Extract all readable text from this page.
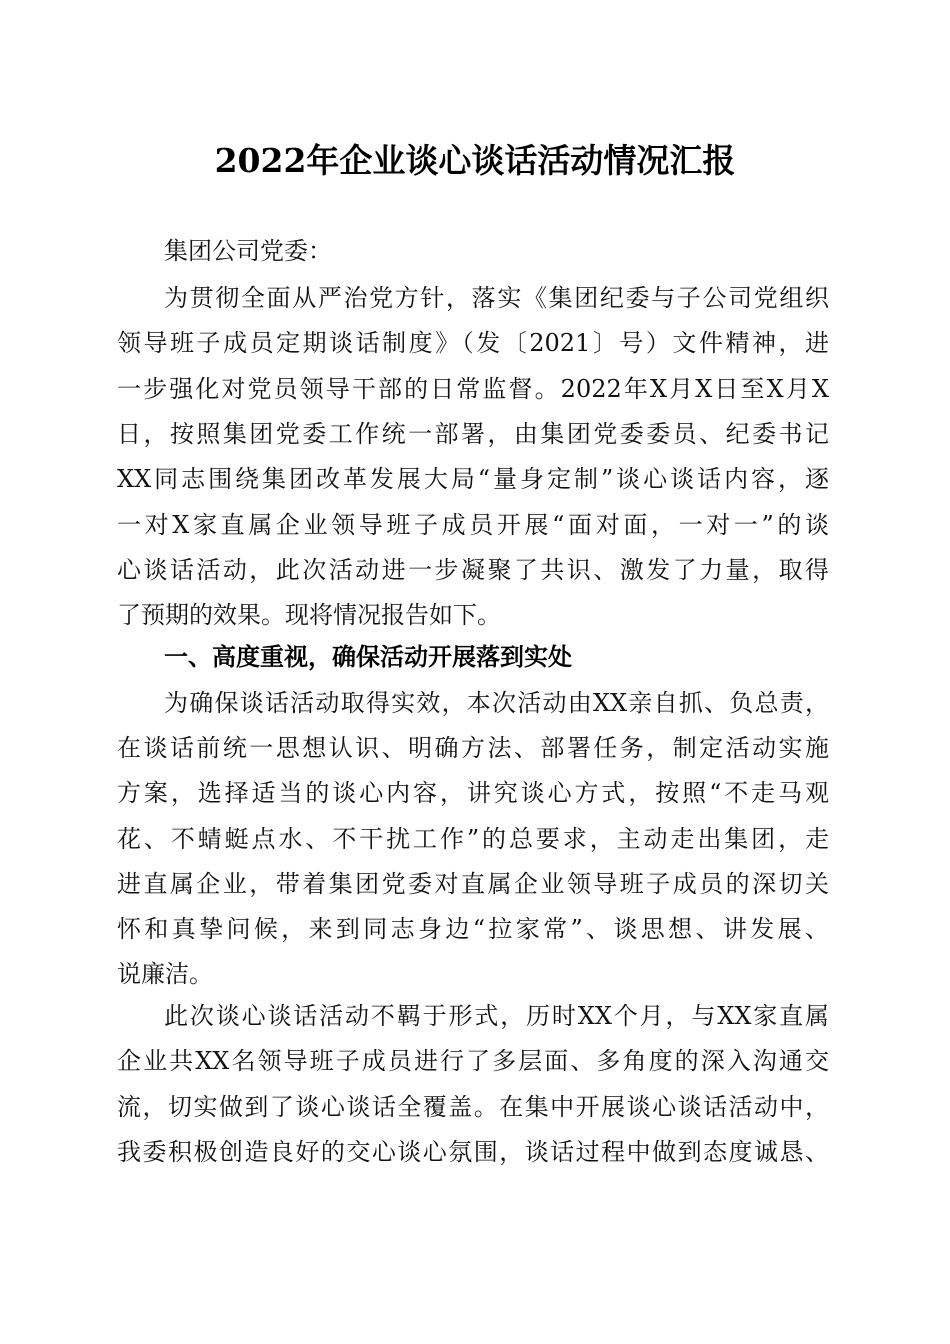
2022年企业谈心谈话活动情况汇报
集团公司党委：
为贯彻全面从严治党方针，落实《集团纪委与子公司党组织
领导班子成员定期谈话制度》（发〔2021〕号）文件精神，进
一步强化对党员领导干部的日常监督。2022年X月X日至X月X
日，按照集团党委工作统一部署，由集团党委委员、纪委书记
XX同志围绕集团改革发展大局“量身定制”谈心谈话内容，逐
一对X家直属企业领导班子成员开展“面对面，一对一”的谈
心谈话活动，此次活动进一步凝聚了共识、激发了力量，取得
了预期的效果。现将情况报告如下。
一、高度重视，确保活动开展落到实处
为确保谈话活动取得实效，本次活动由XX亲自抓、负总责，
在谈话前统一思想认识、明确方法、部署任务，制定活动实施
方案，选择适当的谈心内容，讲究谈心方式，按照“不走马观
花、不蜻蜓点水、不干扰工作”的总要求，主动走出集团，走
进直属企业，带着集团党委对直属企业领导班子成员的深切关
怀和真挚问候，来到同志身边“拉家常”、谈思想、讲发展、
说廉洁。
此次谈心谈话活动不羁于形式，历时XX个月，与XX家直属
企业共XX名领导班子成员进行了多层面、多角度的深入沟通交
流，切实做到了谈心谈话全覆盖。在集中开展谈心谈话活动中，
我委积极创造良好的交心谈心氛围，谈话过程中做到态度诚恳、
